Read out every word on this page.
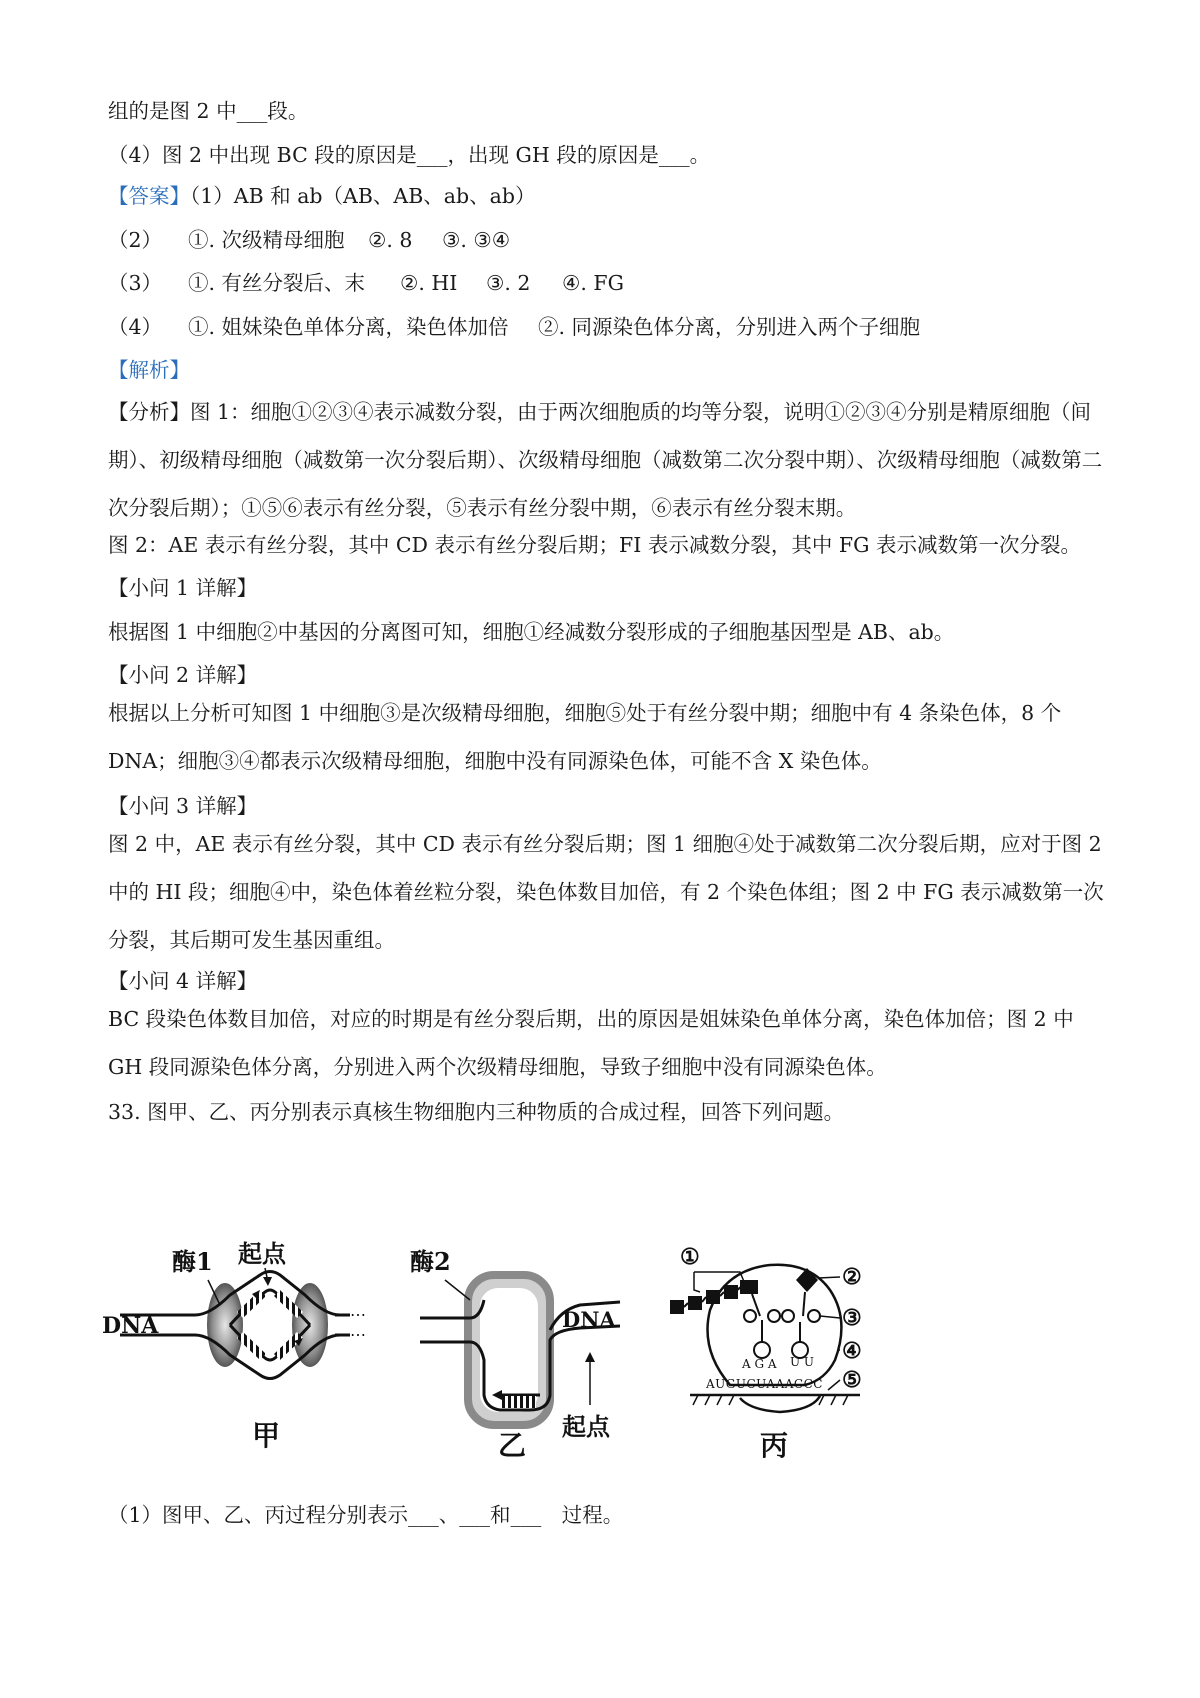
组的是图 2 中___段。
（4）图 2 中出现 BC 段的原因是___，出现 GH 段的原因是___。
【答案】（1）AB 和 ab（AB、AB、ab、ab）
（2） ①. 次级精母细胞 ②. 8 ③. ③④
（3） ①. 有丝分裂后、末 ②. HI ③. 2 ④. FG
（4） ①. 姐妹染色单体分离，染色体加倍 ②. 同源染色体分离，分别进入两个子细胞
【解析】
【分析】图 1：细胞①②③④表示减数分裂，由于两次细胞质的均等分裂，说明①②③④分别是精原细胞（间期）、初级精母细胞（减数第一次分裂后期）、次级精母细胞（减数第二次分裂中期）、次级精母细胞（减数第二次分裂后期）；①⑤⑥表示有丝分裂，⑤表示有丝分裂中期，⑥表示有丝分裂末期。
图 2：AE 表示有丝分裂，其中 CD 表示有丝分裂后期；FI 表示减数分裂，其中 FG 表示减数第一次分裂。
【小问 1 详解】
根据图 1 中细胞②中基因的分离图可知，细胞①经减数分裂形成的子细胞基因型是 AB、ab。
【小问 2 详解】
根据以上分析可知图 1 中细胞③是次级精母细胞，细胞⑤处于有丝分裂中期；细胞中有 4 条染色体，8 个 DNA；细胞③④都表示次级精母细胞，细胞中没有同源染色体，可能不含 X 染色体。
【小问 3 详解】
图 2 中，AE 表示有丝分裂，其中 CD 表示有丝分裂后期；图 1 细胞④处于减数第二次分裂后期，应对于图 2 中的 HI 段；细胞④中，染色体着丝粒分裂，染色体数目加倍，有 2 个染色体组；图 2 中 FG 表示减数第一次分裂，其后期可发生基因重组。
【小问 4 详解】
BC 段染色体数目加倍，对应的时期是有丝分裂后期，出的原因是姐妹染色单体分离，染色体加倍；图 2 中 GH 段同源染色体分离，分别进入两个次级精母细胞，导致子细胞中没有同源染色体。
33. 图甲、乙、丙分别表示真核生物细胞内三种物质的合成过程，回答下列问题。
⋯
⋯
⋯
⋯
酶1 起点
DNA
甲
⋯
⋯
酶2
DNA
起点
乙
AUGUCUAAACCC
A G A U U
①
②
③
④
⑤
丙
（1）图甲、乙、丙过程分别表示___、___和___　过程。
